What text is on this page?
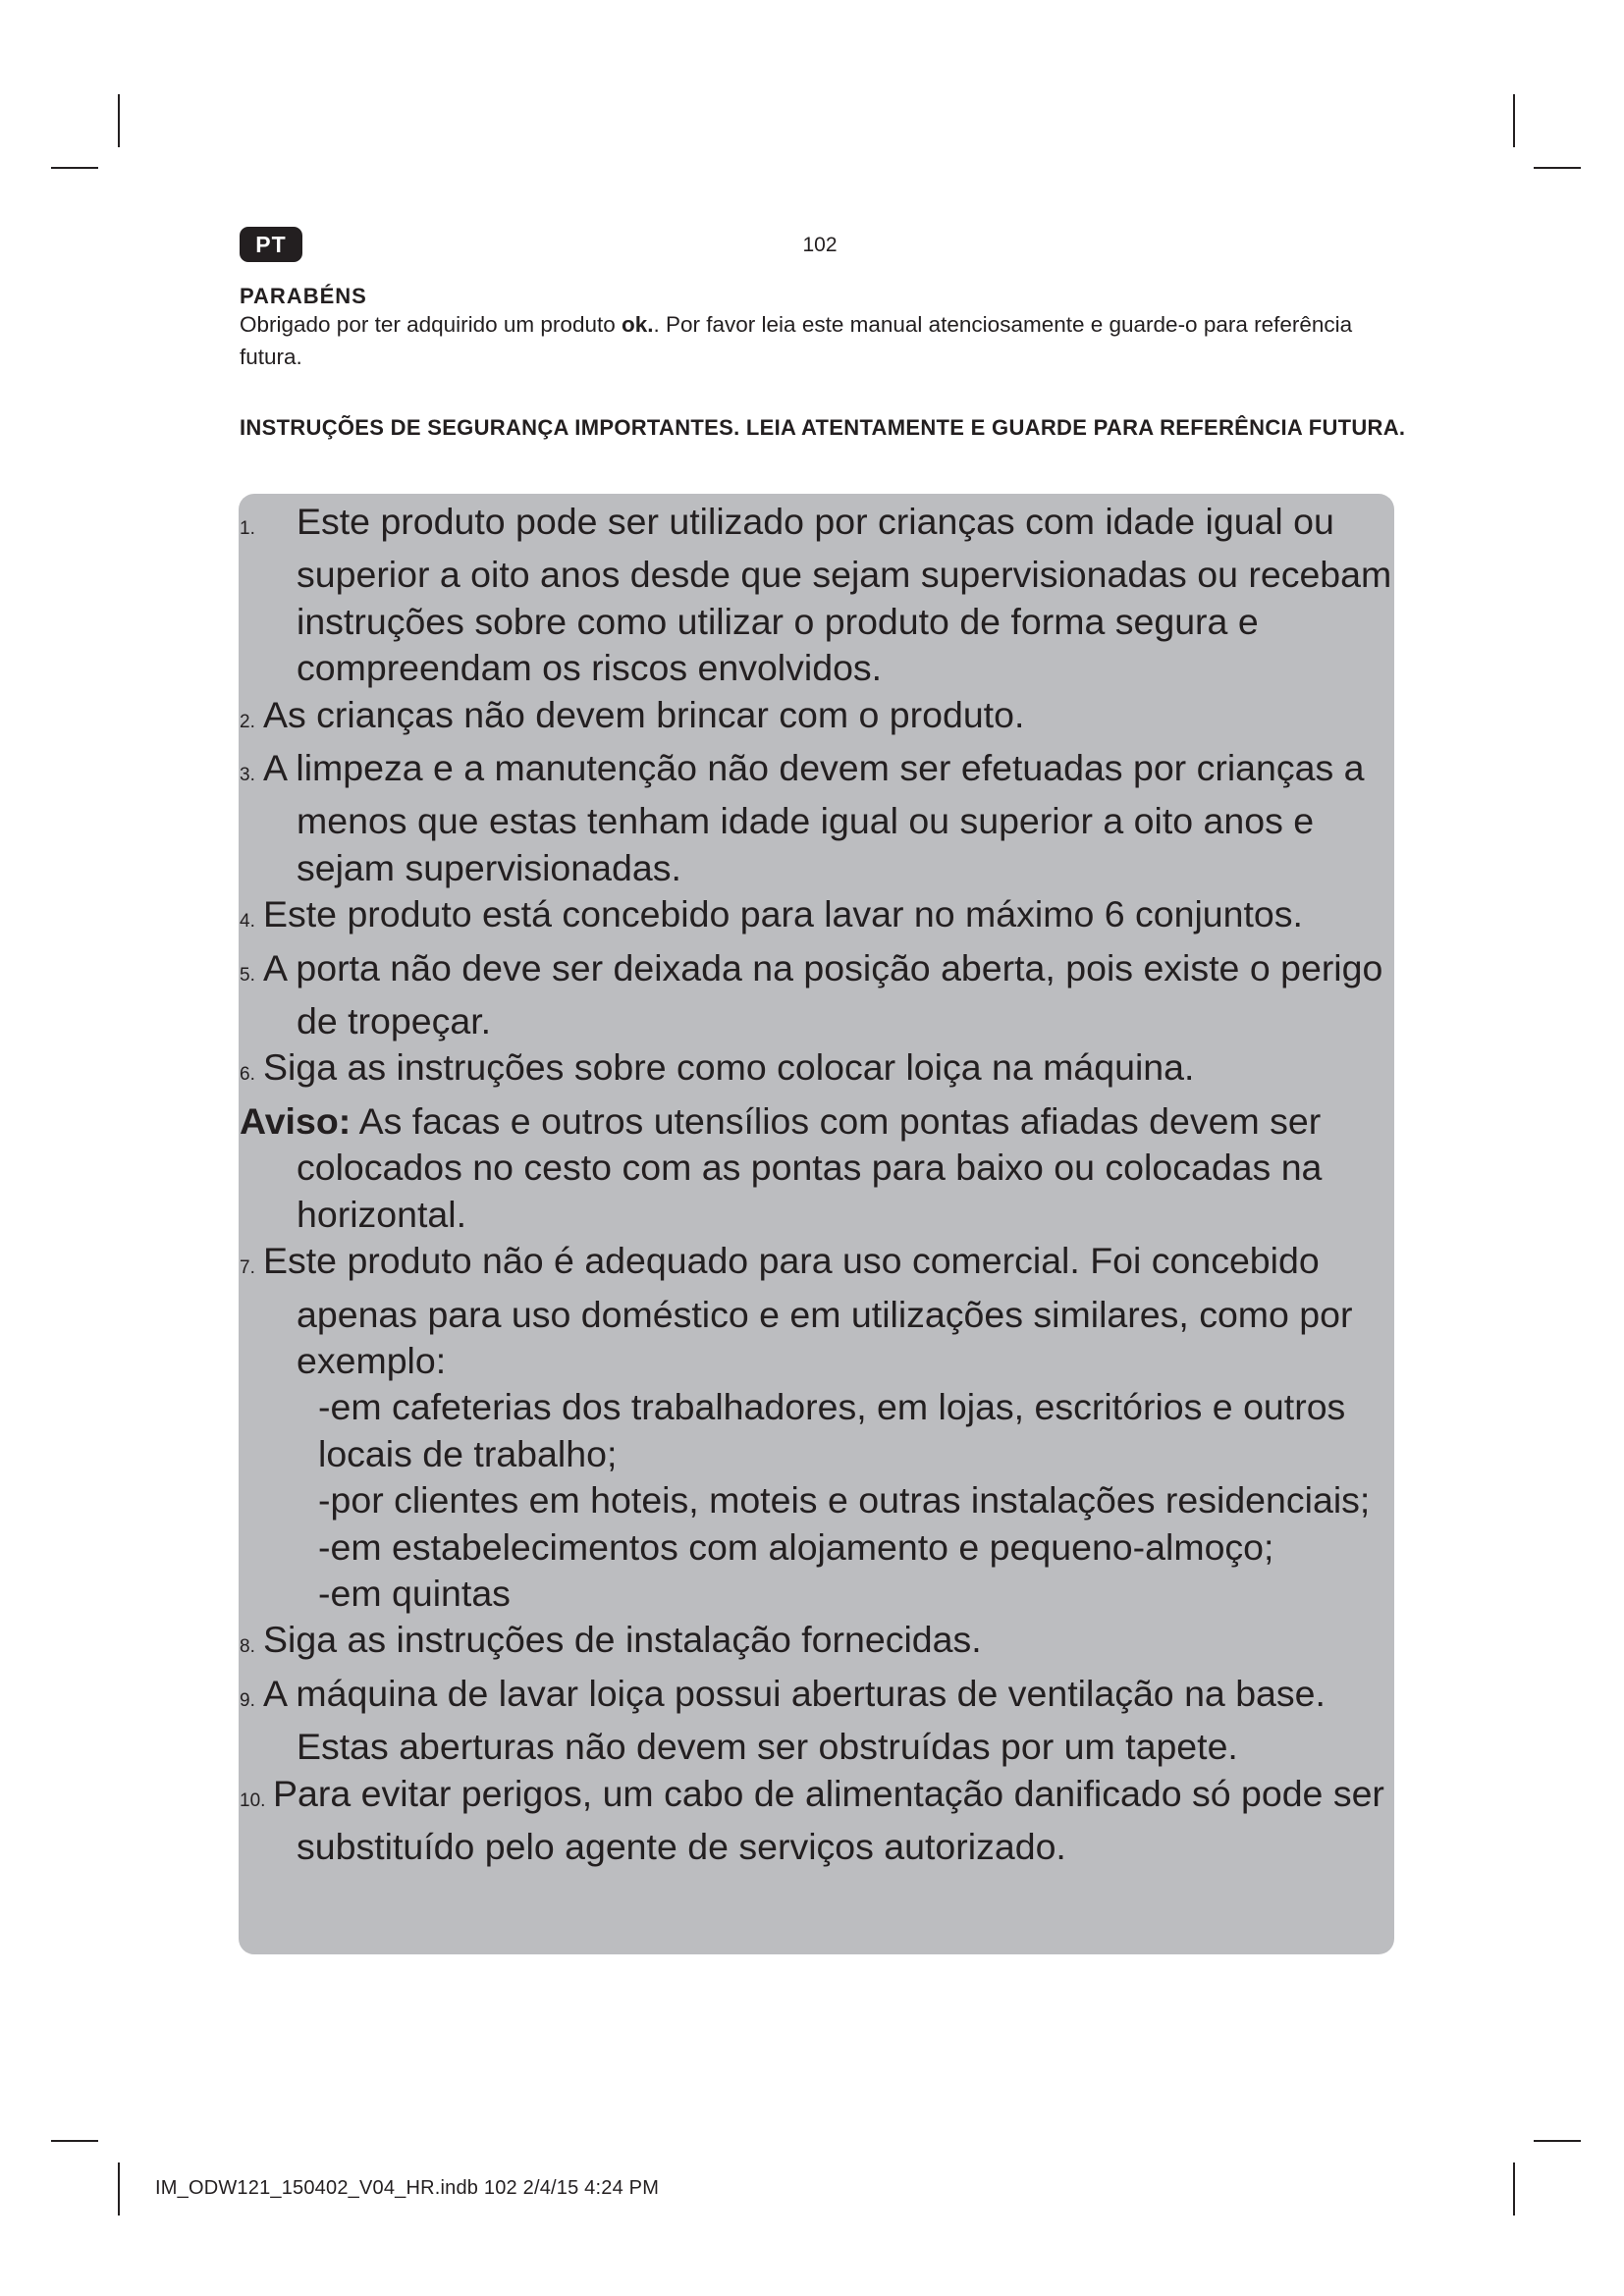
PT	102
PARABÉNS
Obrigado por ter adquirido um produto ok.. Por favor leia este manual atenciosamente e guarde-o para referência futura.
INSTRUÇÕES DE SEGURANÇA IMPORTANTES. LEIA ATENTAMENTE E GUARDE PARA REFERÊNCIA FUTURA.

1. Este produto pode ser utilizado por crianças com idade igual ou superior a oito anos desde que sejam supervisionadas ou recebam instruções sobre como utilizar o produto de forma segura e compreendam os riscos envolvidos.

2. As crianças não devem brincar com o produto.

3. A limpeza e a manutenção não devem ser efetuadas por crianças a menos que estas tenham idade igual ou superior a oito anos e sejam supervisionadas.

4. Este produto está concebido para lavar no máximo 6 conjuntos.

5. A porta não deve ser deixada na posição aberta, pois existe o perigo de tropeçar.

6. Siga as instruções sobre como colocar loiça na máquina.
Aviso: As facas e outros utensílios com pontas afiadas devem ser colocados no cesto com as pontas para baixo ou colocadas na horizontal.

7. Este produto não é adequado para uso comercial. Foi concebido apenas para uso doméstico e em utilizações similares, como por exemplo:
-em cafeterias dos trabalhadores, em lojas, escritórios e outros locais de trabalho;
-por clientes em hoteis, moteis e outras instalações residenciais;
-em estabelecimentos com alojamento e pequeno-almoço;
-em quintas

8. Siga as instruções de instalação fornecidas.

9. A máquina de lavar loiça possui aberturas de ventilação na base. Estas aberturas não devem ser obstruídas por um tapete.

10. Para evitar perigos, um cabo de alimentação danificado só pode ser substituído pelo agente de serviços autorizado.

IM_ODW121_150402_V04_HR.indb 102 2/4/15 4:24 PM
